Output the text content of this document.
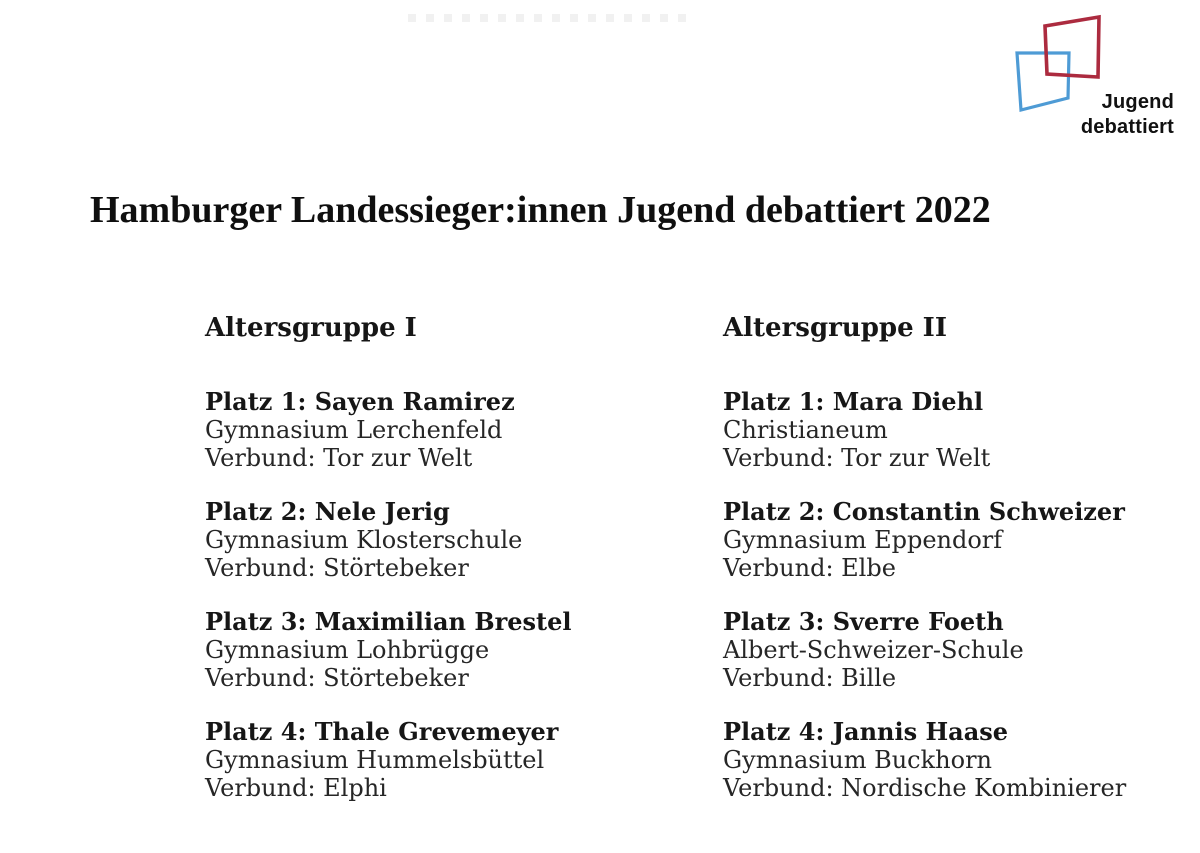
Jugend
debattiert
Hamburger Landessieger:innen Jugend debattiert 2022
Altersgruppe I
Platz 1: Sayen Ramirez
Gymnasium Lerchenfeld
Verbund: Tor zur Welt
Platz 2: Nele Jerig
Gymnasium Klosterschule
Verbund: Störtebeker
Platz 3: Maximilian Brestel
Gymnasium Lohbrügge
Verbund: Störtebeker
Platz 4: Thale Grevemeyer
Gymnasium Hummelsbüttel
Verbund: Elphi
Altersgruppe II
Platz 1: Mara Diehl
Christianeum
Verbund: Tor zur Welt
Platz 2: Constantin Schweizer
Gymnasium Eppendorf
Verbund: Elbe
Platz 3: Sverre Foeth
Albert-Schweizer-Schule
Verbund: Bille
Platz 4: Jannis Haase
Gymnasium Buckhorn
Verbund: Nordische Kombinierer
